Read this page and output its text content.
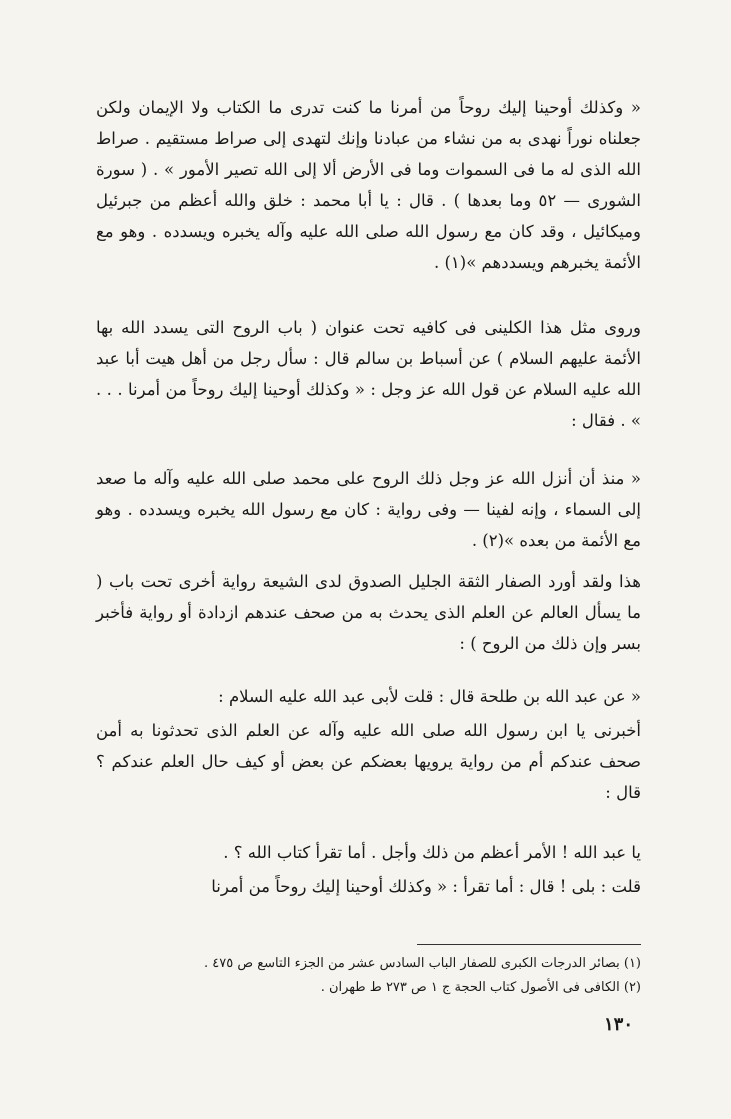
« وكذلك أوحينا إليك روحاً من أمرنا ما كنت تدرى ما الكتاب ولا الإيمان ولكن جعلناه نوراً نهدى به من نشاء من عبادنا وإنك لتهدى إلى صراط مستقيم . صراط الله الذى له ما فى السموات وما فى الأرض ألا إلى الله تصير الأمور » . ( سورة الشورى — ٥٢ وما بعدها ) . قال : يا أبا محمد : خلق والله أعظم من جبرئيل وميكائيل ، وقد كان مع رسول الله صلى الله عليه وآله يخبره ويسدده . وهو مع الأئمة يخبرهم ويسددهم »(١) .

وروى مثل هذا الكلينى فى كافيه تحت عنوان ( باب الروح التى يسدد الله بها الأئمة عليهم السلام ) عن أسباط بن سالم قال : سأل رجل من أهل هيت أبا عبد الله عليه السلام عن قول الله عز وجل : « وكذلك أوحينا إليك روحاً من أمرنا . . . » . فقال :

« منذ أن أنزل الله عز وجل ذلك الروح على محمد صلى الله عليه وآله ما صعد إلى السماء ، وإنه لفينا — وفى رواية : كان مع رسول الله يخبره ويسدده . وهو مع الأئمة من بعده »(٢) .

هذا ولقد أورد الصفار الثقة الجليل الصدوق لدى الشيعة رواية أخرى تحت باب ( ما يسأل العالم عن العلم الذى يحدث به من صحف عندهم ازدادة أو رواية فأخبر بسر وإن ذلك من الروح ) :

« عن عبد الله بن طلحة قال : قلت لأبى عبد الله عليه السلام :

أخبرنى يا ابن رسول الله صلى الله عليه وآله عن العلم الذى تحدثونا به أمن صحف عندكم أم من رواية يرويها بعضكم عن بعض أو كيف حال العلم عندكم ؟ قال :

يا عبد الله ! الأمر أعظم من ذلك وأجل . أما تقرأ كتاب الله ؟ .

قلت : بلى ! قال : أما تقرأ : « وكذلك أوحينا إليك روحاً من أمرنا

(١) بصائر الدرجات الكبرى للصفار الباب السادس عشر من الجزء التاسع ص ٤٧٥ .

(٢) الكافى فى الأصول كتاب الحجة ج ١ ص ٢٧٣ ط طهران .

١٣٠
